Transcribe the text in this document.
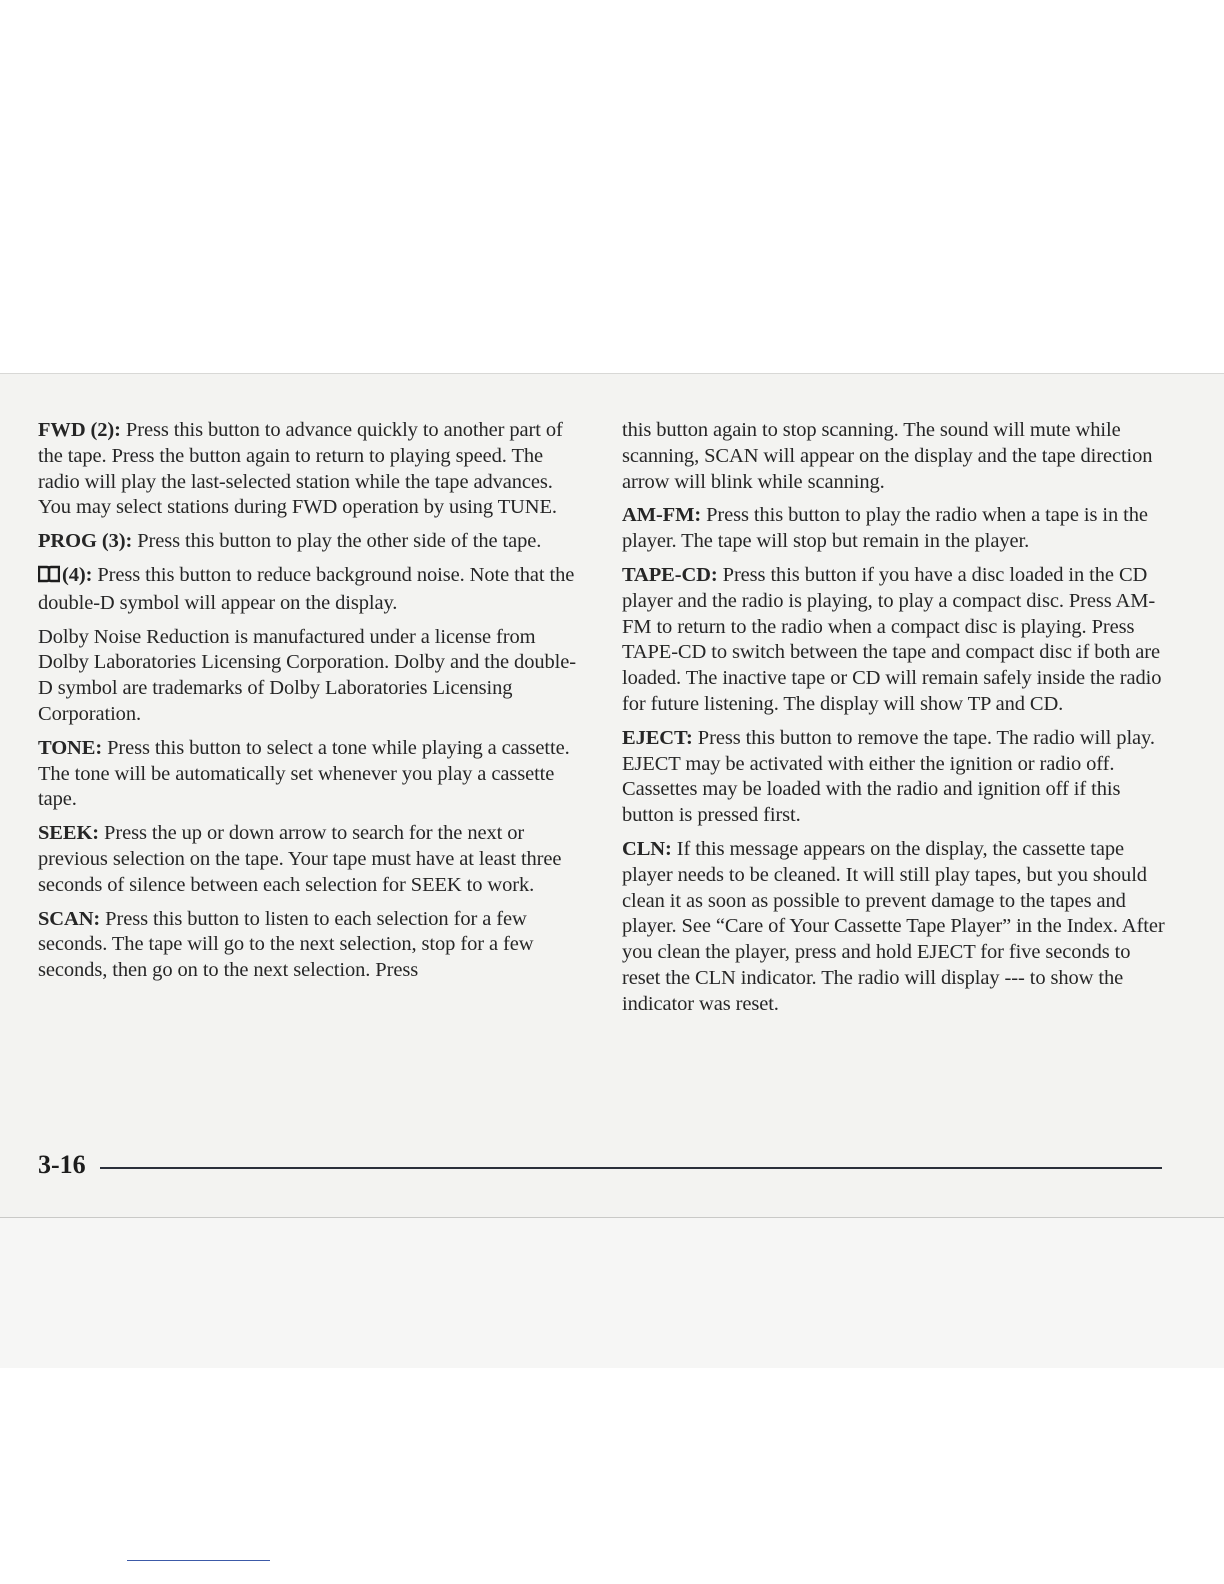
FWD (2): Press this button to advance quickly to another part of the tape. Press the button again to return to playing speed. The radio will play the last-selected station while the tape advances. You may select stations during FWD operation by using TUNE.

PROG (3): Press this button to play the other side of the tape.

(4): Press this button to reduce background noise. Note that the double-D symbol will appear on the display.

Dolby Noise Reduction is manufactured under a license from Dolby Laboratories Licensing Corporation. Dolby and the double-D symbol are trademarks of Dolby Laboratories Licensing Corporation.

TONE: Press this button to select a tone while playing a cassette. The tone will be automatically set whenever you play a cassette tape.

SEEK: Press the up or down arrow to search for the next or previous selection on the tape. Your tape must have at least three seconds of silence between each selection for SEEK to work.

SCAN: Press this button to listen to each selection for a few seconds. The tape will go to the next selection, stop for a few seconds, then go on to the next selection. Press

this button again to stop scanning. The sound will mute while scanning, SCAN will appear on the display and the tape direction arrow will blink while scanning.

AM-FM: Press this button to play the radio when a tape is in the player. The tape will stop but remain in the player.

TAPE-CD: Press this button if you have a disc loaded in the CD player and the radio is playing, to play a compact disc. Press AM-FM to return to the radio when a compact disc is playing. Press TAPE-CD to switch between the tape and compact disc if both are loaded. The inactive tape or CD will remain safely inside the radio for future listening. The display will show TP and CD.

EJECT: Press this button to remove the tape. The radio will play. EJECT may be activated with either the ignition or radio off. Cassettes may be loaded with the radio and ignition off if this button is pressed first.

CLN: If this message appears on the display, the cassette tape player needs to be cleaned. It will still play tapes, but you should clean it as soon as possible to prevent damage to the tapes and player. See “Care of Your Cassette Tape Player” in the Index. After you clean the player, press and hold EJECT for five seconds to reset the CLN indicator. The radio will display --- to show the indicator was reset.

3-16
